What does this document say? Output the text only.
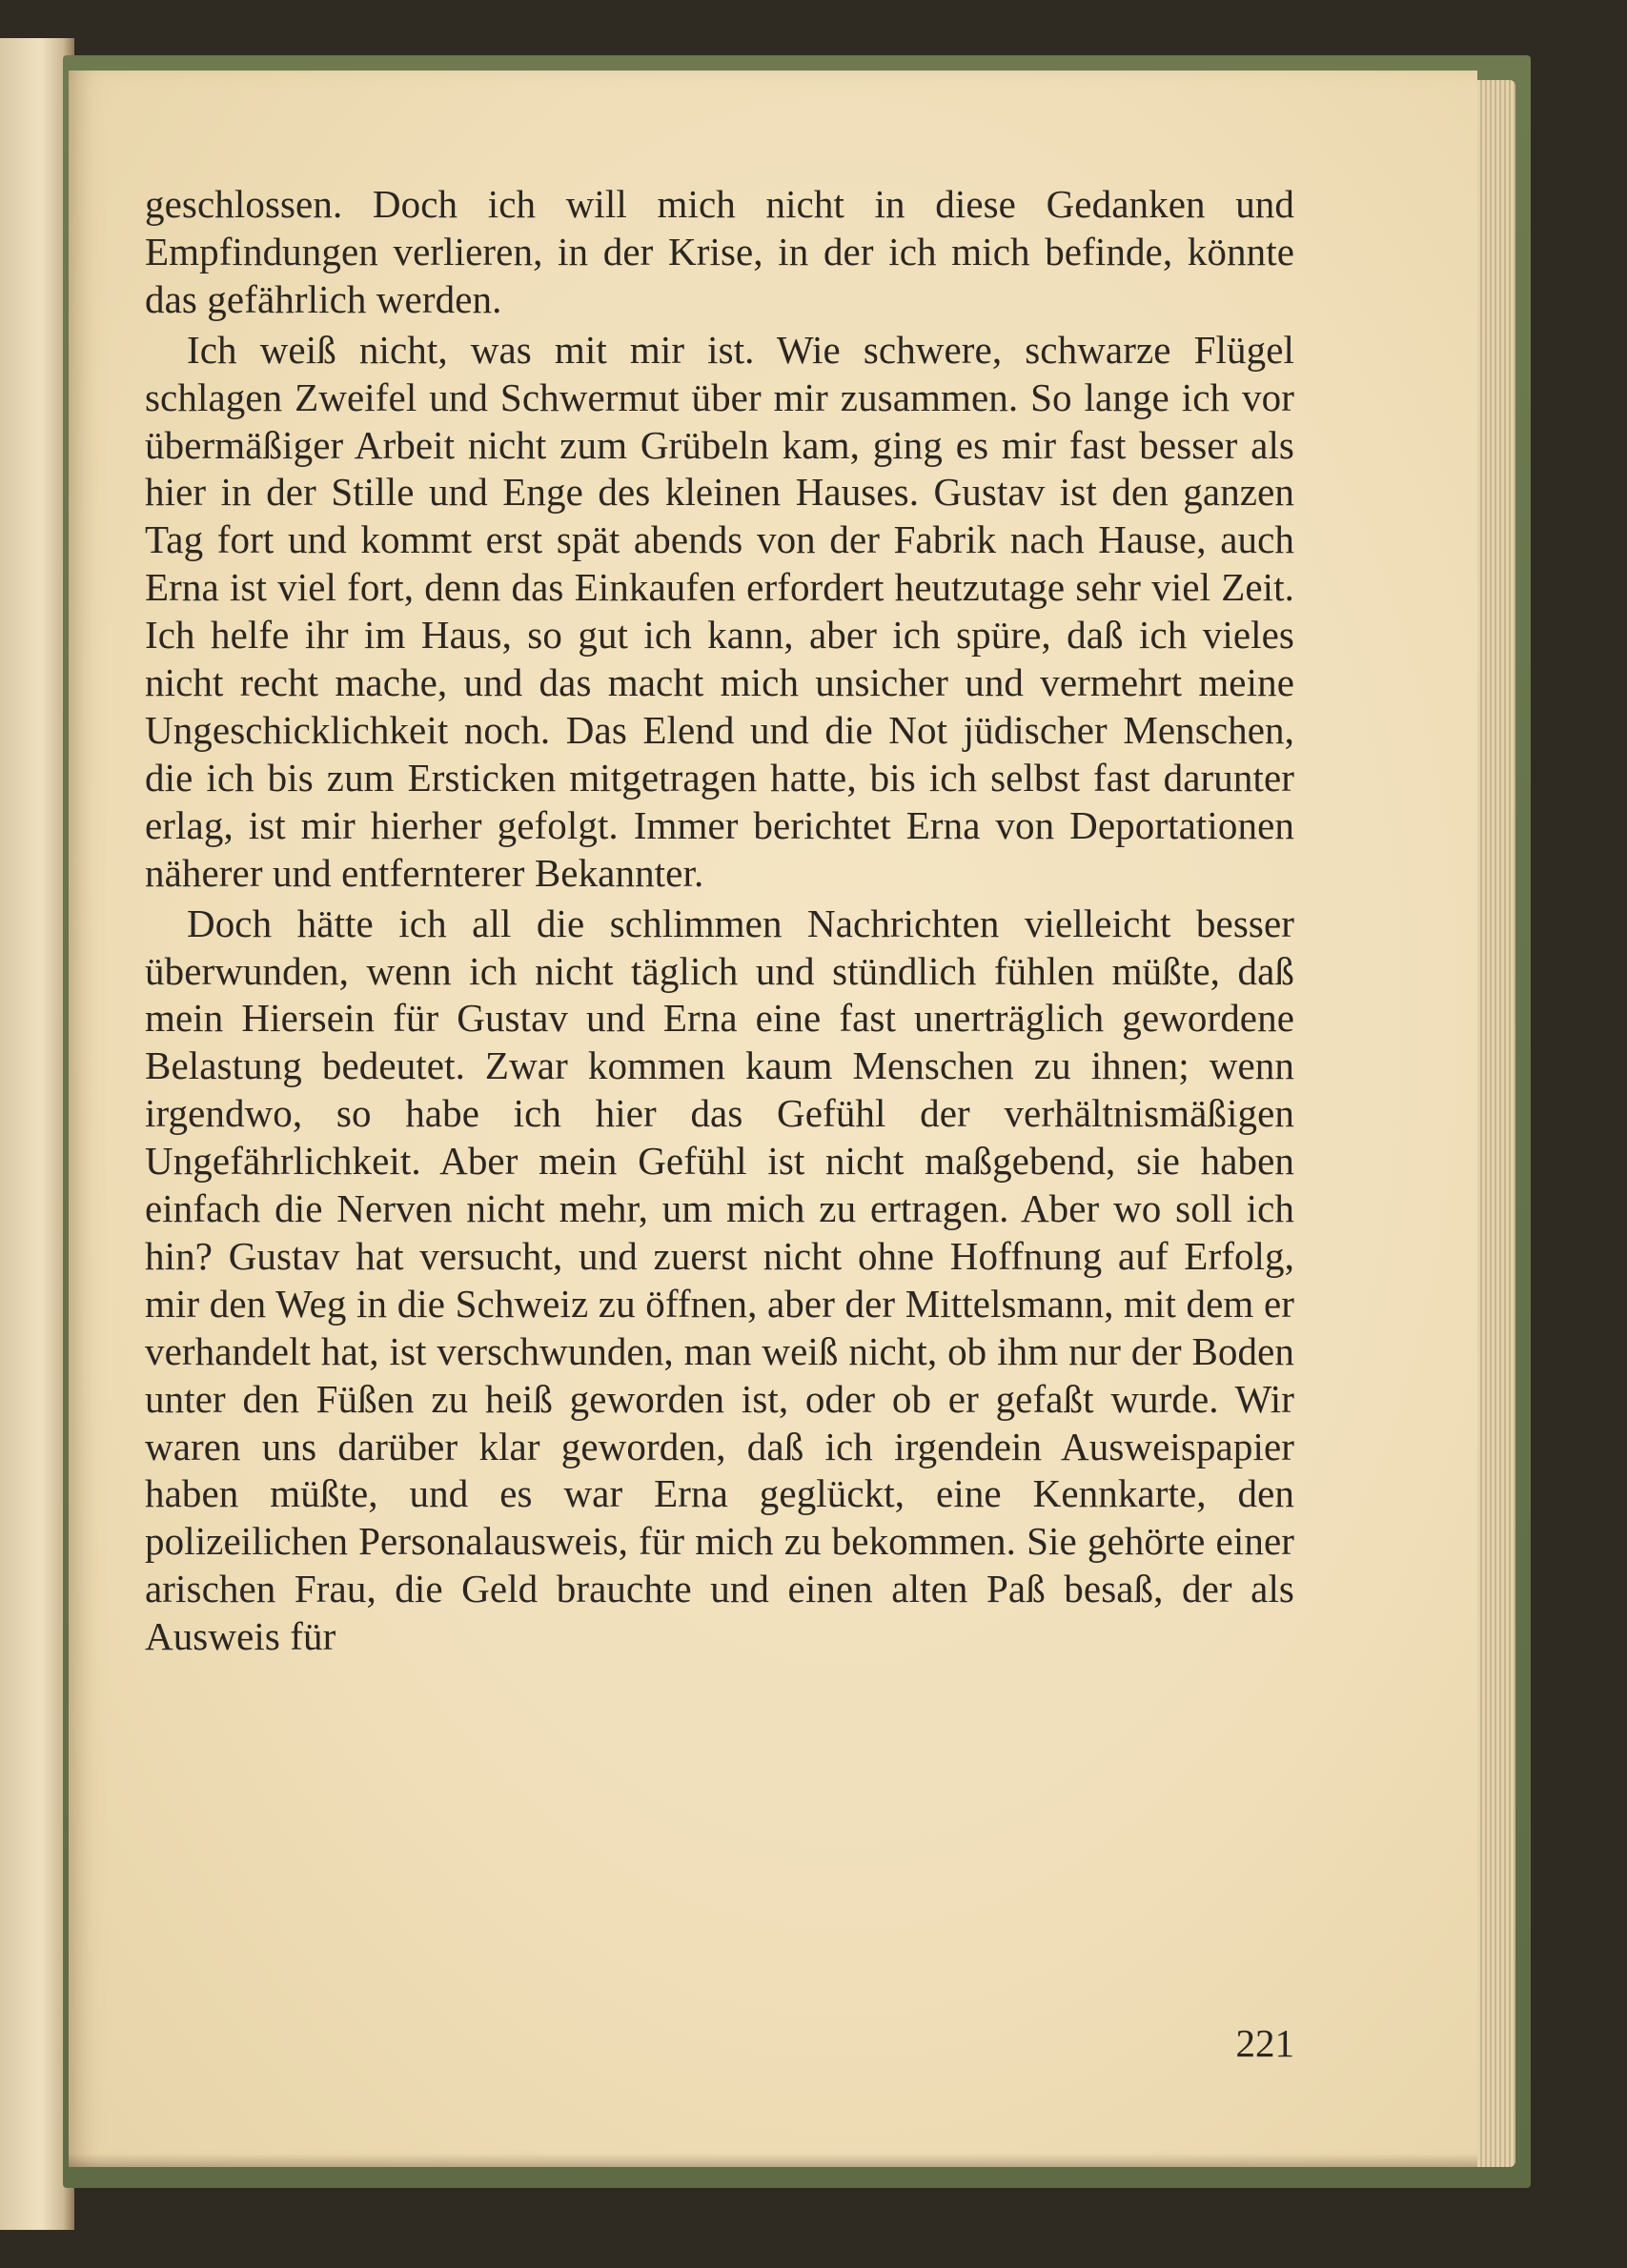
geschlossen. Doch ich will mich nicht in diese Gedanken und Empfindungen verlieren, in der Krise, in der ich mich befinde, könnte das gefährlich werden.

Ich weiß nicht, was mit mir ist. Wie schwere, schwarze Flügel schlagen Zweifel und Schwermut über mir zusammen. So lange ich vor übermäßiger Arbeit nicht zum Grübeln kam, ging es mir fast besser als hier in der Stille und Enge des kleinen Hauses. Gustav ist den ganzen Tag fort und kommt erst spät abends von der Fabrik nach Hause, auch Erna ist viel fort, denn das Einkaufen erfordert heutzutage sehr viel Zeit. Ich helfe ihr im Haus, so gut ich kann, aber ich spüre, daß ich vieles nicht recht mache, und das macht mich unsicher und vermehrt meine Ungeschicklichkeit noch. Das Elend und die Not jüdischer Menschen, die ich bis zum Ersticken mitgetragen hatte, bis ich selbst fast darunter erlag, ist mir hierher gefolgt. Immer berichtet Erna von Deportationen näherer und entfernterer Bekannter.

Doch hätte ich all die schlimmen Nachrichten vielleicht besser überwunden, wenn ich nicht täglich und stündlich fühlen müßte, daß mein Hiersein für Gustav und Erna eine fast unerträglich gewordene Belastung bedeutet. Zwar kommen kaum Menschen zu ihnen; wenn irgendwo, so habe ich hier das Gefühl der verhältnismäßigen Ungefährlichkeit. Aber mein Gefühl ist nicht maßgebend, sie haben einfach die Nerven nicht mehr, um mich zu ertragen. Aber wo soll ich hin? Gustav hat versucht, und zuerst nicht ohne Hoffnung auf Erfolg, mir den Weg in die Schweiz zu öffnen, aber der Mittelsmann, mit dem er verhandelt hat, ist verschwunden, man weiß nicht, ob ihm nur der Boden unter den Füßen zu heiß geworden ist, oder ob er gefaßt wurde. Wir waren uns darüber klar geworden, daß ich irgendein Ausweispapier haben müßte, und es war Erna geglückt, eine Kennkarte, den polizeilichen Personalausweis, für mich zu bekommen. Sie gehörte einer arischen Frau, die Geld brauchte und einen alten Paß besaß, der als Ausweis für

221
